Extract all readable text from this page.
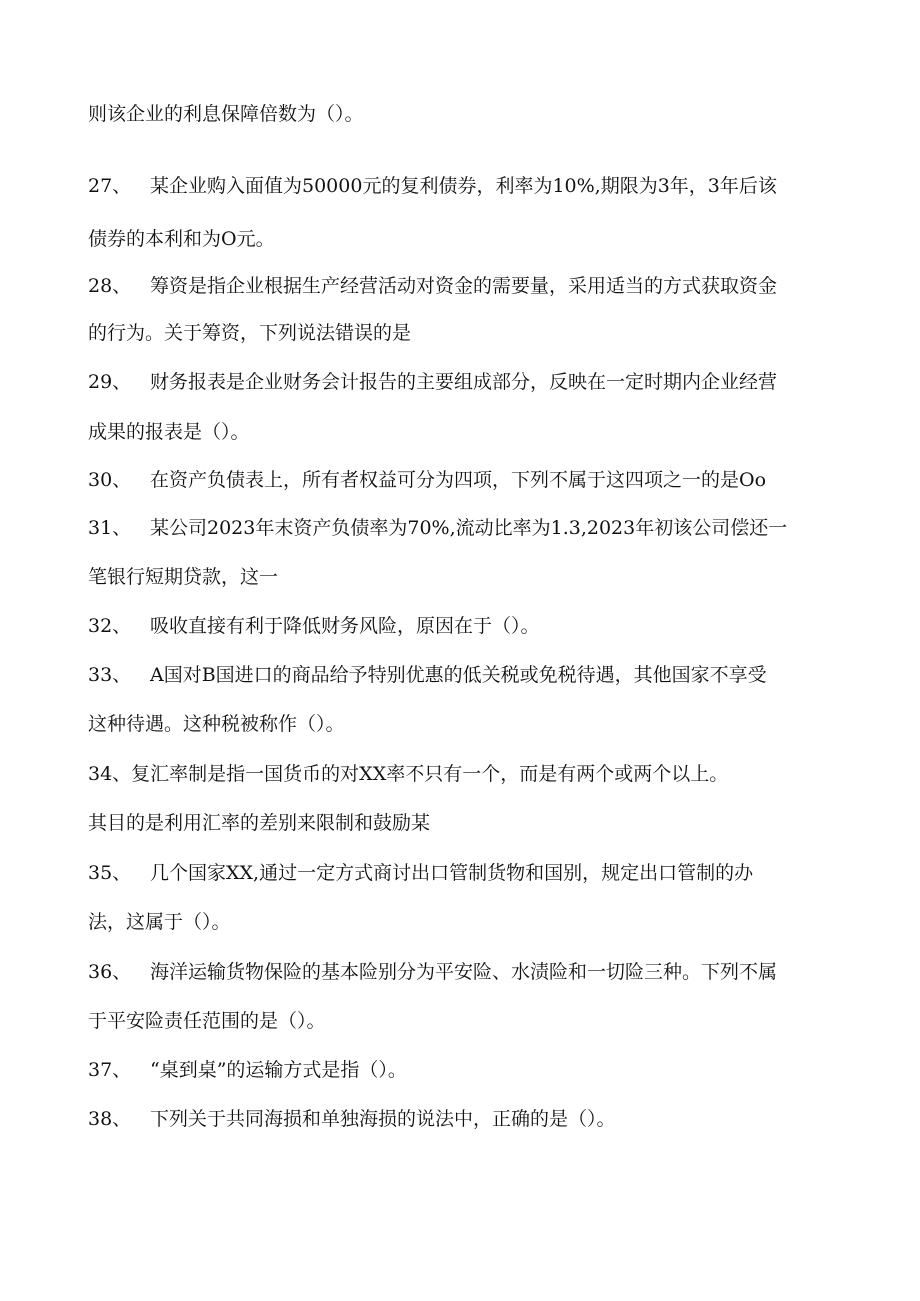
则该企业的利息保障倍数为（）。
27、 某企业购入面值为50000元的复利债券，利率为10%,期限为3年，3年后该
债券的本利和为O元。
28、 筹资是指企业根据生产经营活动对资金的需要量，采用适当的方式获取资金
的行为。关于筹资，下列说法错误的是
29、 财务报表是企业财务会计报告的主要组成部分，反映在一定时期内企业经营
成果的报表是（）。
30、 在资产负债表上，所有者权益可分为四项，下列不属于这四项之一的是Oo
31、 某公司2023年末资产负债率为70%,流动比率为1.3,2023年初该公司偿还一
笔银行短期贷款，这一
32、 吸收直接有利于降低财务风险，原因在于（）。
33、 A国对B国进口的商品给予特别优惠的低关税或免税待遇，其他国家不享受
这种待遇。这种税被称作（）。
34、复汇率制是指一国货币的对XX率不只有一个，而是有两个或两个以上。
其目的是利用汇率的差别来限制和鼓励某
35、 几个国家XX,通过一定方式商讨出口管制货物和国别，规定出口管制的办
法，这属于（）。
36、 海洋运输货物保险的基本险别分为平安险、水渍险和一切险三种。下列不属
于平安险责任范围的是（）。
37、 “桌到桌”的运输方式是指（）。
38、 下列关于共同海损和单独海损的说法中，正确的是（）。
